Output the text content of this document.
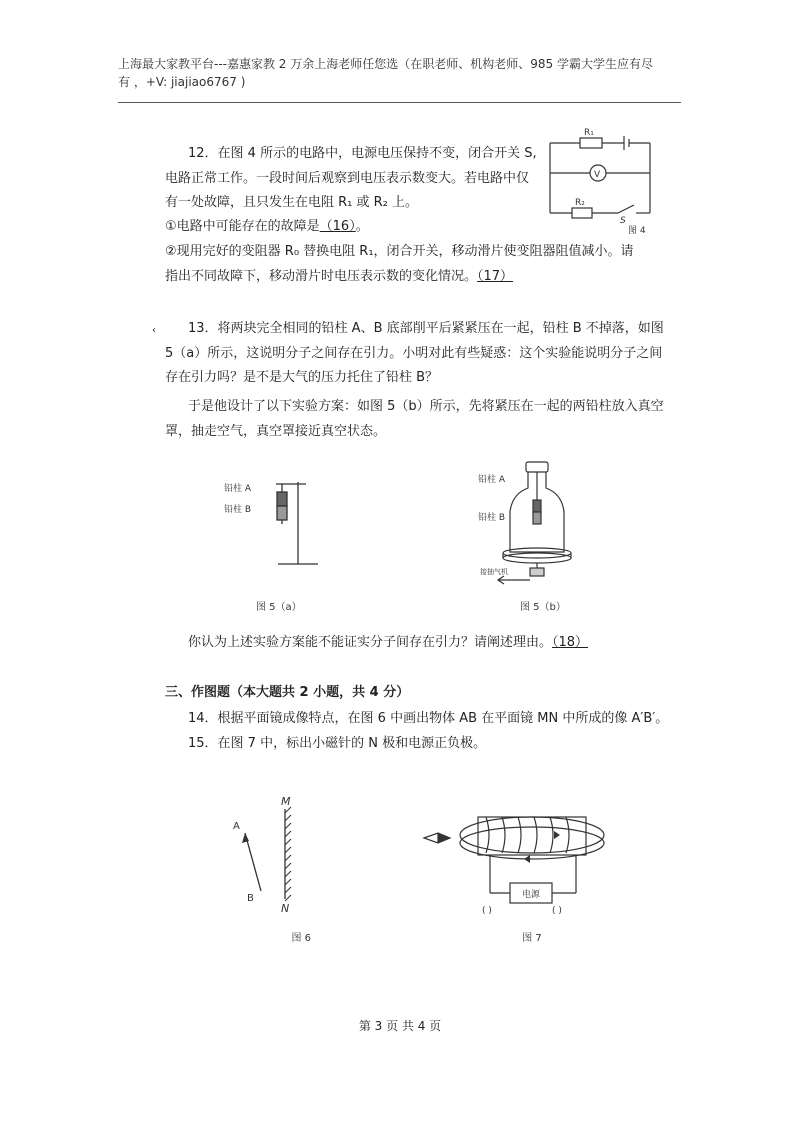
上海最大家教平台---嘉惠家教 2 万余上海老师任您选（在职老师、机构老师、985 学霸大学生应有尽
有 ，+V: jiajiao6767 )
12．在图 4 所示的电路中，电源电压保持不变，闭合开关 S,
电路正常工作。一段时间后观察到电压表示数变大。若电路中仅
有一处故障，且只发生在电阻 R₁ 或 R₂ 上。
①电路中可能存在的故障是（16）。
②现用完好的变阻器 R₀ 替换电阻 R₁，闭合开关，移动滑片使变阻器阻值减小。请
指出不同故障下，移动滑片时电压表示数的变化情况。（17）
R₁
V
R₂
S
图 4
‹ 13．将两块完全相同的铅柱 A、B 底部削平后紧紧压在一起，铅柱 B 不掉落，如图
5（a）所示，这说明分子之间存在引力。小明对此有些疑惑：这个实验能说明分子之间
存在引力吗？是不是大气的压力托住了铅柱 B？
于是他设计了以下实验方案：如图 5（b）所示，先将紧压在一起的两铅柱放入真空
罩，抽走空气，真空罩接近真空状态。
铅柱 A
铅柱 B
图 5（a）
铅柱 A
铅柱 B
接抽气机
图 5（b）
你认为上述实验方案能不能证实分子间存在引力？请阐述理由。（18）
三、作图题（本大题共 2 小题，共 4 分）
14．根据平面镜成像特点，在图 6 中画出物体 AB 在平面镜 MN 中所成的像 A′B′。
15．在图 7 中，标出小磁针的 N 极和电源正负极。
M
N
A
B
图 6
电源
( )	( )
图 7
第 3 页 共 4 页
